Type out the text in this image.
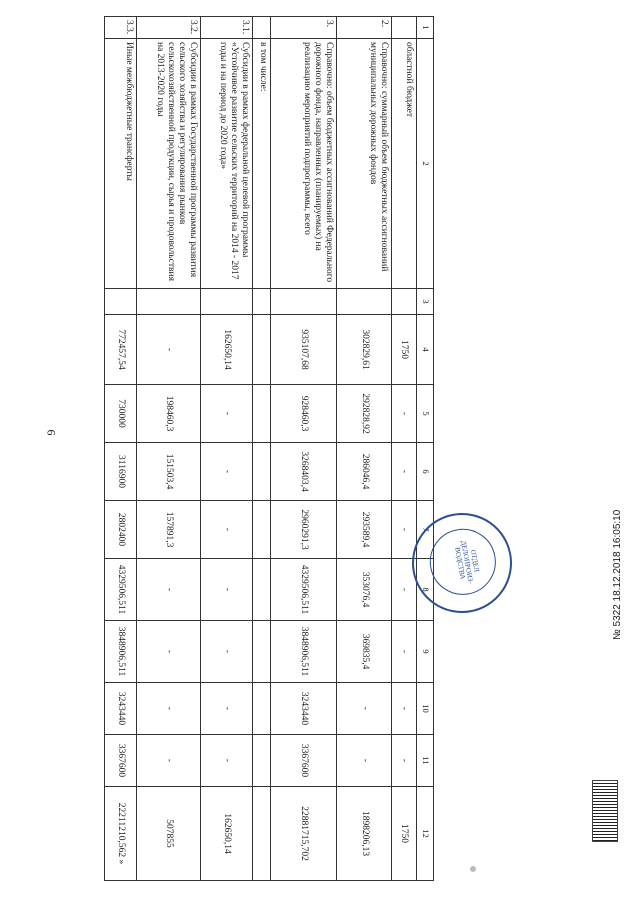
6
1	2	3	4	5	6	7	8	9	10	11	12
	областной бюджет		1750	-	-	-	-	-	-	-	1750
2.	Справочно: суммарный объем бюджетных ассигнований муниципальных дорожных фондов		302829,61	292828,92	286046,4	293589,4	353076,4	369835,4	-	-	1898206,13
3.	Справочно: объем бюджетных ассигнований Федерального дорожного фонда, направленных (планируемых) на реализацию мероприятий подпрограммы, всего		935107,68	928460,3	3268403,4	2960291,3	4329506,511	3848906,511	3243440	3367600	22881715,702
	в том числе:										
3.1.	Субсидии в рамках федеральной целевой программы «Устойчивое развитие сельских территорий на 2014 - 2017 годы и на период до 2020 года»		162650,14	-	-	-	-	-	-	-	162650,14
3.2.	Субсидии в рамках Государственной программы развития сельского хозяйства и регулирования рынков сельскохозяйственной продукции, сырья и продовольствия на 2013-2020 годы		-	198460,3	151503,4	157891,3	-	-	-	-	507855
3.3.	Иные межбюджетные трансферты		772457,54	730000	3116900	2802400	4329506,511	3848906,511	3243440	3367600	22211210,562 »
ОТДЕЛ ДЕЛОПРОИЗ-ВОДСТВА	№ 5322 18.12.2018 16:05:10
